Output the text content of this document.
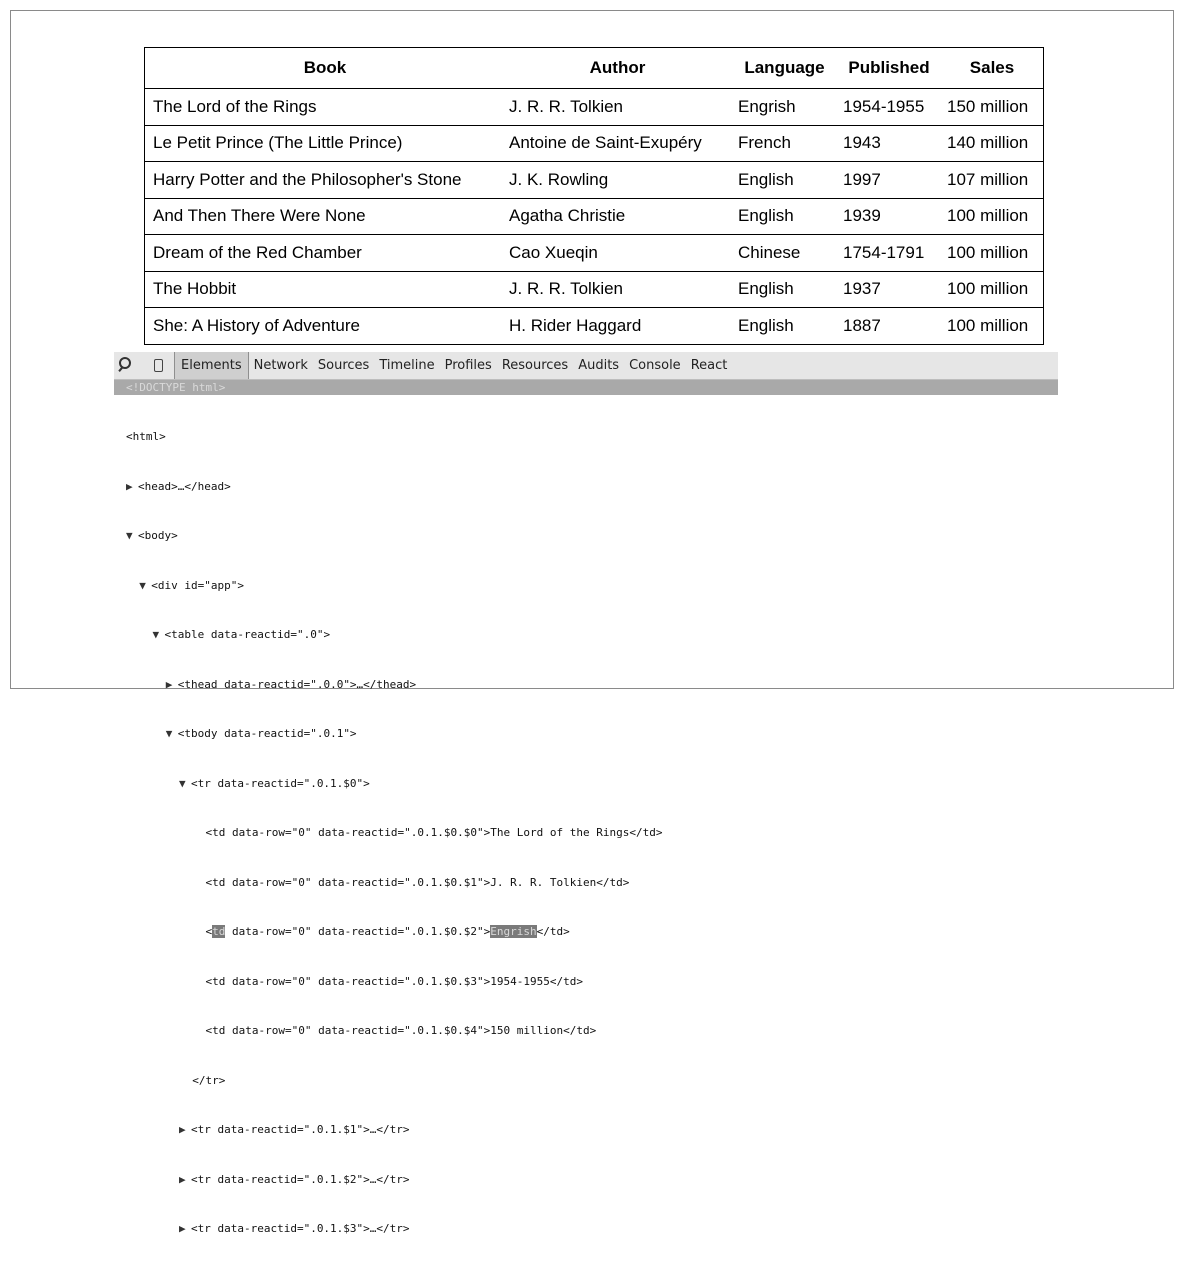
Book	Author	Language	Published	Sales
The Lord of the Rings	J. R. R. Tolkien	Engrish	1954-1955	150 million
Le Petit Prince (The Little Prince)	Antoine de Saint-Exupéry	French	1943	140 million
Harry Potter and the Philosopher's Stone	J. K. Rowling	English	1997	107 million
And Then There Were None	Agatha Christie	English	1939	100 million
Dream of the Red Chamber	Cao Xueqin	Chinese	1754-1791	100 million
The Hobbit	J. R. R. Tolkien	English	1937	100 million
She: A History of Adventure	H. Rider Haggard	English	1887	100 million
Elements Network Sources Timeline Profiles Resources Audits Console React
<!DOCTYPE html>

<html>

▶ <head>…</head>

▼ <body>

▼ <div id="app">

▼ <table data-reactid=".0">

▶ <thead data-reactid=".0.0">…</thead>

▼ <tbody data-reactid=".0.1">

▼ <tr data-reactid=".0.1.$0">

<td data-row="0" data-reactid=".0.1.$0.$0">The Lord of the Rings</td>

<td data-row="0" data-reactid=".0.1.$0.$1">J. R. R. Tolkien</td>

<td data-row="0" data-reactid=".0.1.$0.$2">Engrish</td>

<td data-row="0" data-reactid=".0.1.$0.$3">1954-1955</td>

<td data-row="0" data-reactid=".0.1.$0.$4">150 million</td>

</tr>

▶ <tr data-reactid=".0.1.$1">…</tr>

▶ <tr data-reactid=".0.1.$2">…</tr>

▶ <tr data-reactid=".0.1.$3">…</tr>
